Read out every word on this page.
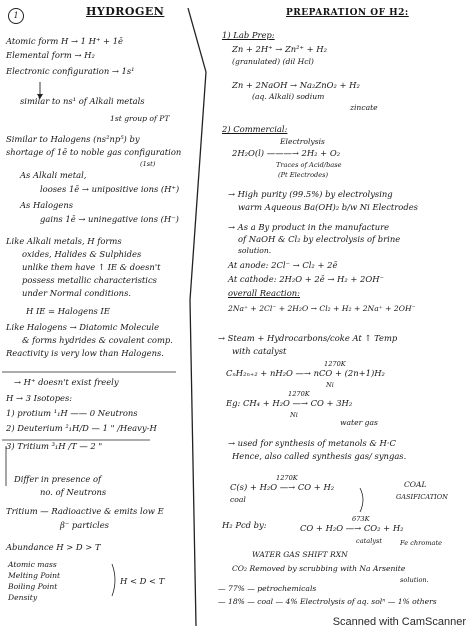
1	HYDROGEN	PREPARATION OF H2:
Atomic form H → 1 H⁺ + 1ē
Elemental form → H₂
Electronic configuration → 1s¹
similar to ns¹ of Alkali metals
1st group of PT
Similar to Halogens (ns²np⁵) by
shortage of 1ē to noble gas configuration
(1st)
As Alkali metal,
looses 1ē → unipositive ions (H⁺)
As Halogens
gains 1ē → uninegative ions (H⁻)
Like Alkali metals, H forms
oxides, Halides & Sulphides
unlike them have ↑ IE & doesn't
possess metallic characteristics
under Normal conditions.
H IE = Halogens IE
Like Halogens → Diatomic Molecule
& forms hydrides & covalent comp.
Reactivity is very low than Halogens.
→ H⁺ doesn't exist freely
H → 3 Isotopes:
1) protium ¹₁H —— 0 Neutrons
2) Deuterium ²₁H/D — 1 " /Heavy-H
3) Tritium ³₁H /T — 2 "
Differ in presence of
no. of Neutrons
Tritium — Radioactive & emits low E
β⁻ particles
Abundance H > D > T
Atomic mass
Melting Point
Boiling Point
Density
H < D < T
1) Lab Prep:
Zn + 2H⁺ → Zn²⁺ + H₂
(granulated) (dil Hcl)
Zn + 2NaOH → Na₂ZnO₂ + H₂
(aq. Alkali) sodium
zincate
2) Commercial:
Electrolysis
2H₂O(l) ———→ 2H₂ + O₂
Traces of Acid/base
(Pt Electrodes)
→ High purity (99.5%) by electrolysing
warm Aqueous Ba(OH)₂ b/w Ni Electrodes
→ As a By product in the manufacture
of NaOH & Cl₂ by electrolysis of brine
solution.
At anode: 2Cl⁻ → Cl₂ + 2ē
At cathode: 2H₂O + 2ē → H₂ + 2OH⁻
overall Reaction:
2Na⁺ + 2Cl⁻ + 2H₂O → Cl₂ + H₂ + 2Na⁺ + 2OH⁻
→ Steam + Hydrocarbons/coke At ↑ Temp
with catalyst
1270K
CₙH₂ₙ₊₂ + nH₂O —→ nCO + (2n+1)H₂
Ni
1270K
Eg: CH₄ + H₂O —→ CO + 3H₂
Ni
water gas
→ used for synthesis of metanols & H·C
Hence, also called synthesis gas/ syngas.
1270K
C(s) + H₂O —→ CO + H₂
coal
COAL
GASIFICATION
H₂ Pcd by:
673K
CO + H₂O —→ CO₂ + H₂
catalyst	Fe chromate
WATER GAS SHIFT RXN
CO₂ Removed by scrubbing with Na Arsenite
solution.
— 77% — petrochemicals
— 18% — coal — 4% Electrolysis of aq. solⁿ — 1% others
Scanned with CamScanner
